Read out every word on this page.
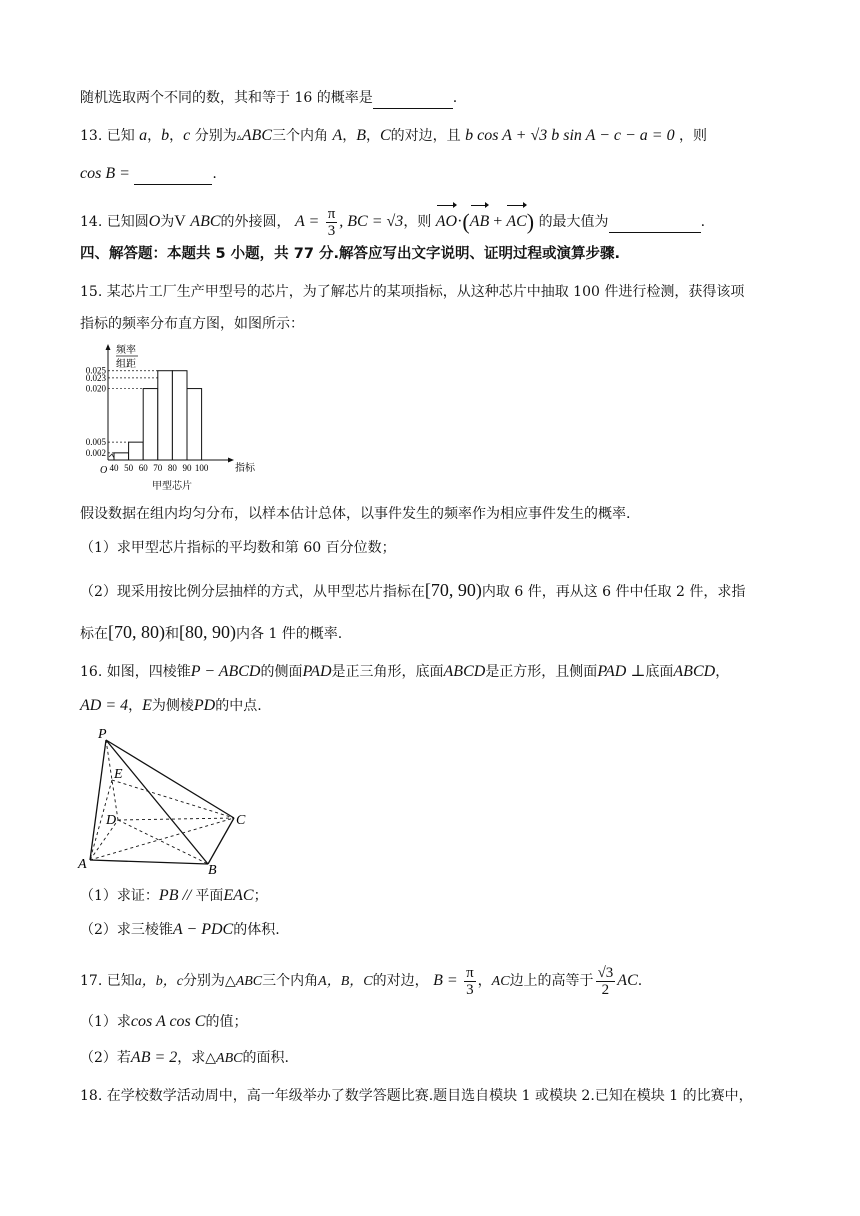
随机选取两个不同的数，其和等于 16 的概率是	.
13. 已知 a，b，c 分别为▵ABC三个内角 A，B，C的对边，且 b cos A + √3 b sin A − c − a = 0 ，则
cos B =	.
14. 已知圆O为V ABC的外接圆， $A = \frac{\pi}{3}$ , BC = √3，则 AO·(AB + AC) 的最大值为	.
四、解答题：本题共 5 小题，共 77 分.解答应写出文字说明、证明过程或演算步骤.
15. 某芯片工厂生产甲型号的芯片，为了解芯片的某项指标，从这种芯片中抽取 100 件进行检测，获得该项
指标的频率分布直方图，如图所示：
0.025
0.023
0.020
0.005
0.002
40 50 60 70 80 90 100
频率
组距
指标
甲型芯片
O
假设数据在组内均匀分布，以样本估计总体，以事件发生的频率作为相应事件发生的概率.
（1）求甲型芯片指标的平均数和第 60 百分位数；
（2）现采用按比例分层抽样的方式，从甲型芯片指标在[70, 90)内取 6 件，再从这 6 件中任取 2 件，求指
标在[70, 80)和[80, 90)内各 1 件的概率.
16. 如图，四棱锥P − ABCD的侧面PAD是正三角形，底面ABCD是正方形，且侧面PAD ⊥底面ABCD，
AD = 4，E为侧棱PD的中点.
P
E
D	C
A	B
（1）求证：PB // 平面EAC；
（2）求三棱锥A − PDC的体积.
17. 已知a，b，c分别为△ABC三个内角A，B，C的对边， $B = \frac{\pi}{3}$ ，AC边上的高等于 $\frac{√3}{2}$ AC.
（1）求cos A cos C的值；
（2）若AB = 2，求△ABC的面积.
18. 在学校数学活动周中，高一年级举办了数学答题比赛.题目选自模块 1 或模块 2.已知在模块 1 的比赛中，
